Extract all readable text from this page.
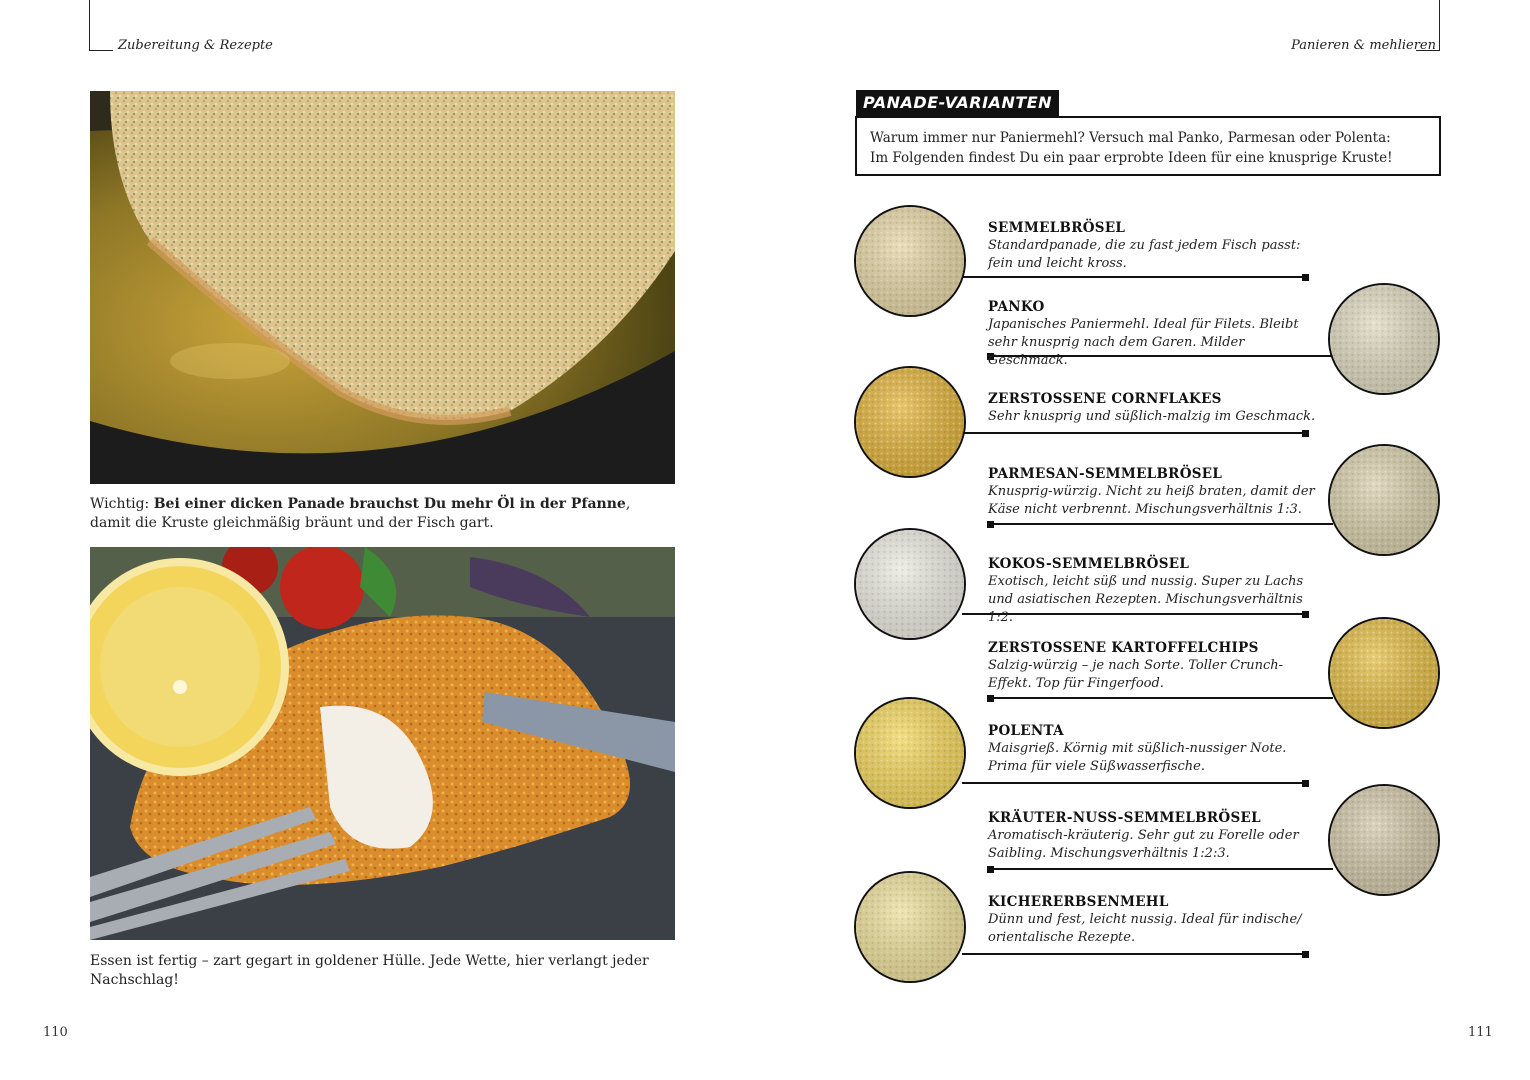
Zubereitung & Rezepte	Panieren & mehlieren
Wichtig: Bei einer dicken Panade brauchst Du mehr Öl in der Pfanne, damit die Kruste gleichmäßig bräunt und der Fisch gart.
Essen ist fertig – zart gegart in goldener Hülle. Jede Wette, hier verlangt jeder Nachschlag!
110	111
PANADE-VARIANTEN
Warum immer nur Paniermehl? Versuch mal Panko, Parmesan oder Polenta:
Im Folgenden findest Du ein paar erprobte Ideen für eine knusprige Kruste!
SEMMELBRÖSEL
Standardpanade, die zu fast jedem Fisch passt: fein und leicht kross.
PANKO
Japanisches Paniermehl. Ideal für Filets. Bleibt sehr knusprig nach dem Garen. Milder Geschmack.
ZERSTOSSENE CORNFLAKES
Sehr knusprig und süßlich-malzig im Geschmack.
PARMESAN-SEMMELBRÖSEL
Knusprig-würzig. Nicht zu heiß braten, damit der Käse nicht verbrennt. Mischungsverhältnis 1:3.
KOKOS-SEMMELBRÖSEL
Exotisch, leicht süß und nussig. Super zu Lachs und asiatischen Rezepten. Mischungsverhältnis 1:2.
ZERSTOSSENE KARTOFFELCHIPS
Salzig-würzig – je nach Sorte. Toller Crunch-Effekt. Top für Fingerfood.
POLENTA
Maisgrieß. Körnig mit süßlich-nussiger Note. Prima für viele Süßwasserfische.
KRÄUTER-NUSS-SEMMELBRÖSEL
Aromatisch-kräuterig. Sehr gut zu Forelle oder Saibling. Mischungsverhältnis 1:2:3.
KICHERERBSENMEHL
Dünn und fest, leicht nussig. Ideal für indische/ orientalische Rezepte.
